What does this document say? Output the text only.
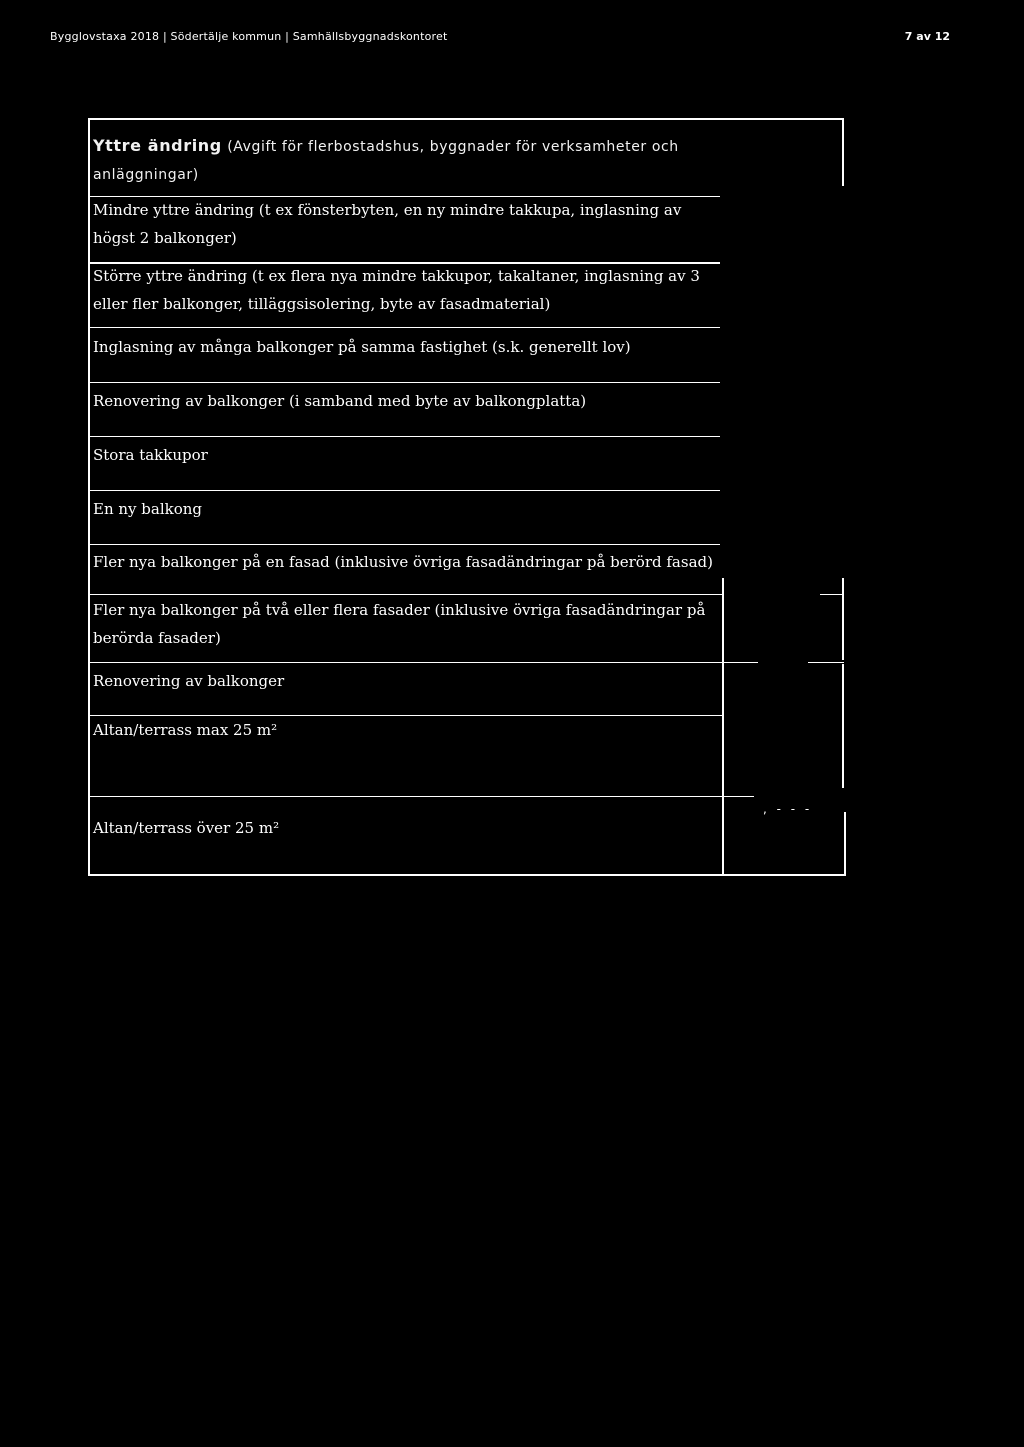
Bygglovstaxa 2018 | Södertälje kommun | Samhällsbyggnadskontoret	7 av 12
Yttre ändring (Avgift för flerbostadshus, byggnader för verksamheter och anläggningar)
Mindre yttre ändring (t ex fönsterbyten, en ny mindre takkupa, inglasning av högst 2 balkonger)
Större yttre ändring (t ex flera nya mindre takkupor, takaltaner, inglasning av 3 eller fler balkonger, tilläggsisolering, byte av fasadmaterial)
Inglasning av många balkonger på samma fastighet (s.k. generellt lov)
Renovering av balkonger (i samband med byte av balkongplatta)
Stora takkupor
En ny balkong
Fler nya balkonger på en fasad (inklusive övriga fasadändringar på berörd fasad)
Fler nya balkonger på två eller flera fasader (inklusive övriga fasadändringar på berörda fasader)
Renovering av balkonger
Altan/terrass max 25 m²
Altan/terrass över 25 m²
, - - -
